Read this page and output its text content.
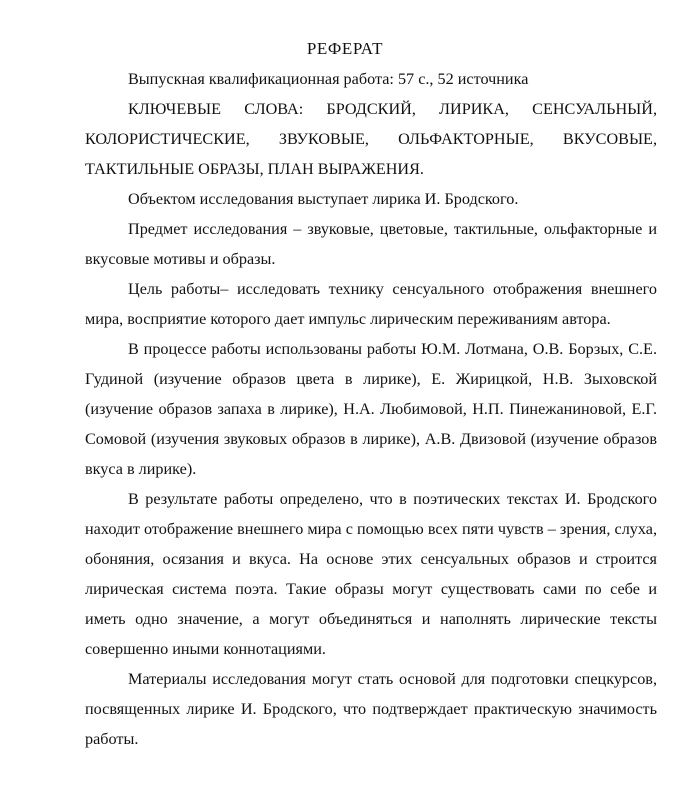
РЕФЕРАТ

Выпускная квалификационная работа: 57 с., 52 источника

КЛЮЧЕВЫЕ СЛОВА: БРОДСКИЙ, ЛИРИКА, СЕНСУАЛЬНЫЙ, КОЛОРИСТИЧЕСКИЕ, ЗВУКОВЫЕ, ОЛЬФАКТОРНЫЕ, ВКУСОВЫЕ, ТАКТИЛЬНЫЕ ОБРАЗЫ, ПЛАН ВЫРАЖЕНИЯ.

Объектом исследования выступает лирика И. Бродского.

Предмет исследования – звуковые, цветовые, тактильные, ольфакторные и вкусовые мотивы и образы.

Цель работы– исследовать технику сенсуального отображения внешнего мира, восприятие которого дает импульс лирическим переживаниям автора.

В процессе работы использованы работы Ю.М. Лотмана, О.В. Борзых, С.Е. Гудиной (изучение образов цвета в лирике), Е. Жирицкой, Н.В. Зыховской (изучение образов запаха в лирике), Н.А. Любимовой, Н.П. Пинежаниновой, Е.Г. Сомовой (изучения звуковых образов в лирике), А.В. Двизовой (изучение образов вкуса в лирике).

В результате работы определено, что в поэтических текстах И. Бродского находит отображение внешнего мира с помощью всех пяти чувств – зрения, слуха, обоняния, осязания и вкуса. На основе этих сенсуальных образов и строится лирическая система поэта. Такие образы могут существовать сами по себе и иметь одно значение, а могут объединяться и наполнять лирические тексты совершенно иными коннотациями.

Материалы исследования могут стать основой для подготовки спецкурсов, посвященных лирике И. Бродского, что подтверждает практическую значимость работы.
